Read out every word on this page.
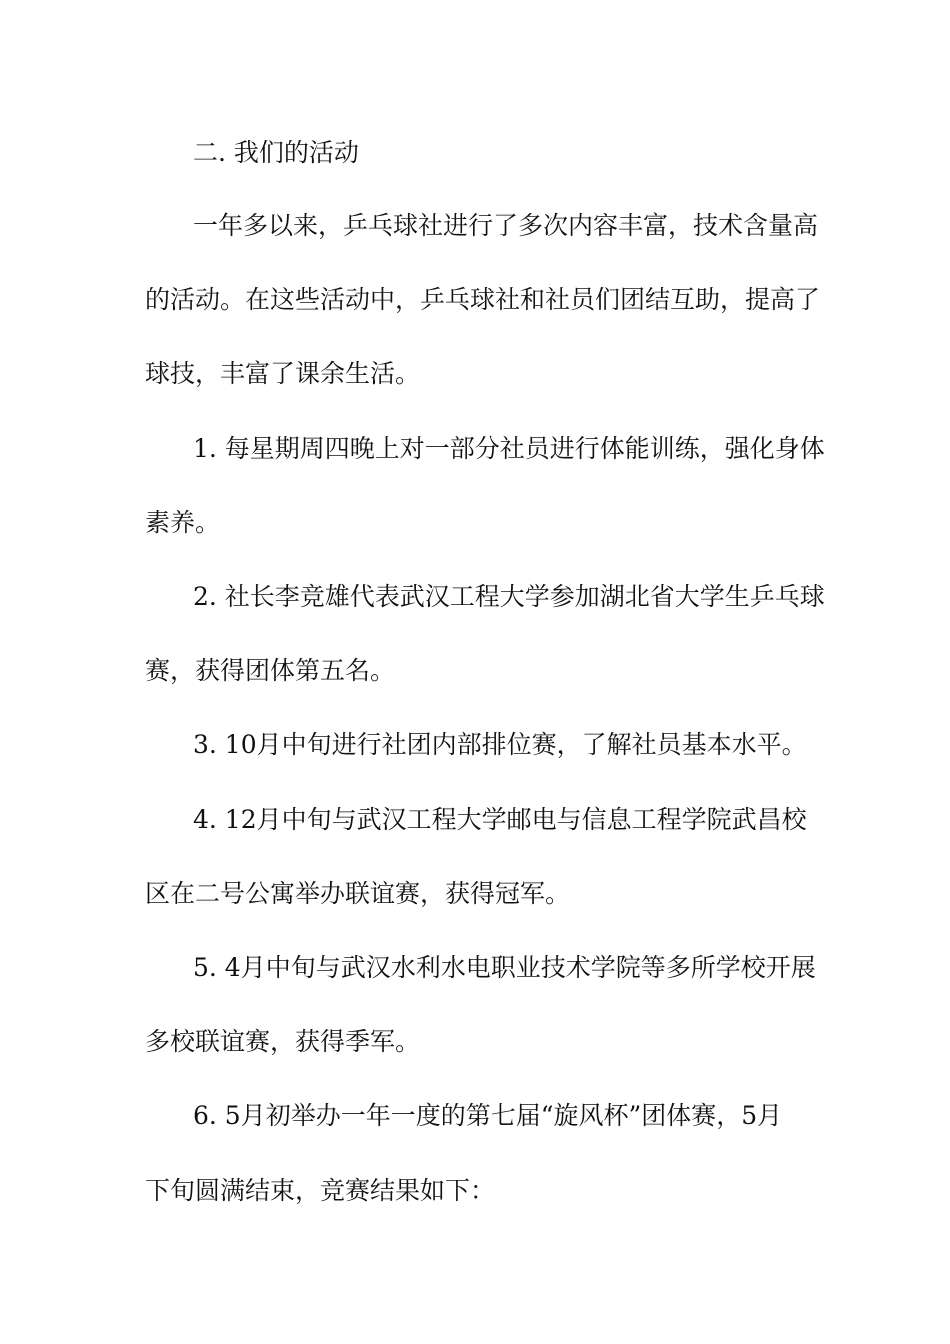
二. 我们的活动
一年多以来，乒乓球社进行了多次内容丰富，技术含量高
的活动。在这些活动中，乒乓球社和社员们团结互助，提高了
球技，丰富了课余生活。
1. 每星期周四晚上对一部分社员进行体能训练，强化身体
素养。
2. 社长李竞雄代表武汉工程大学参加湖北省大学生乒乓球
赛，获得团体第五名。
3. 10月中旬进行社团内部排位赛，了解社员基本水平。
4. 12月中旬与武汉工程大学邮电与信息工程学院武昌校
区在二号公寓举办联谊赛，获得冠军。
5. 4月中旬与武汉水利水电职业技术学院等多所学校开展
多校联谊赛，获得季军。
6. 5月初举办一年一度的第七届“旋风杯”团体赛，5月
下旬圆满结束，竞赛结果如下：
